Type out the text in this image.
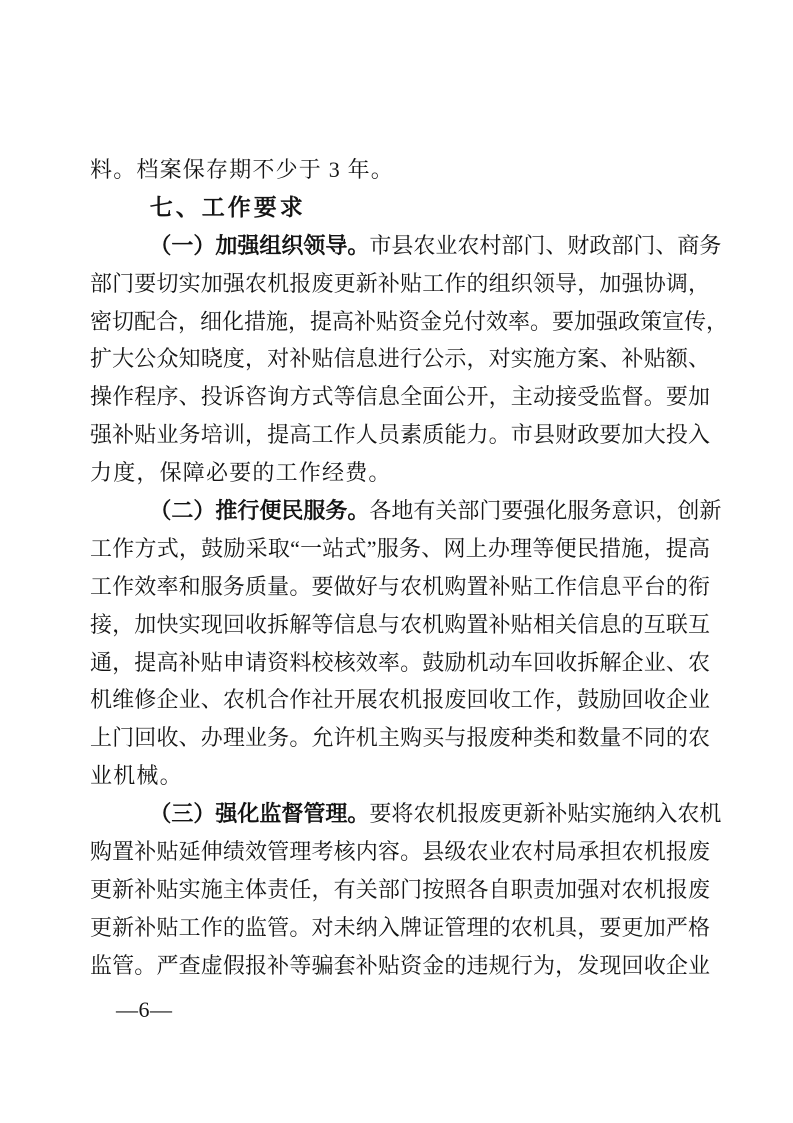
料。档案保存期不少于 3 年。
七、工作要求
（一）加强组织领导。市县农业农村部门、财政部门、商务
部门要切实加强农机报废更新补贴工作的组织领导，加强协调，
密切配合，细化措施，提高补贴资金兑付效率。要加强政策宣传，
扩大公众知晓度，对补贴信息进行公示，对实施方案、补贴额、
操作程序、投诉咨询方式等信息全面公开，主动接受监督。要加
强补贴业务培训，提高工作人员素质能力。市县财政要加大投入
力度，保障必要的工作经费。
（二）推行便民服务。各地有关部门要强化服务意识，创新
工作方式，鼓励采取“一站式”服务、网上办理等便民措施，提高
工作效率和服务质量。要做好与农机购置补贴工作信息平台的衔
接，加快实现回收拆解等信息与农机购置补贴相关信息的互联互
通，提高补贴申请资料校核效率。鼓励机动车回收拆解企业、农
机维修企业、农机合作社开展农机报废回收工作，鼓励回收企业
上门回收、办理业务。允许机主购买与报废种类和数量不同的农
业机械。
（三）强化监督管理。要将农机报废更新补贴实施纳入农机
购置补贴延伸绩效管理考核内容。县级农业农村局承担农机报废
更新补贴实施主体责任，有关部门按照各自职责加强对农机报废
更新补贴工作的监管。对未纳入牌证管理的农机具，要更加严格
监管。严查虚假报补等骗套补贴资金的违规行为，发现回收企业
—6—
